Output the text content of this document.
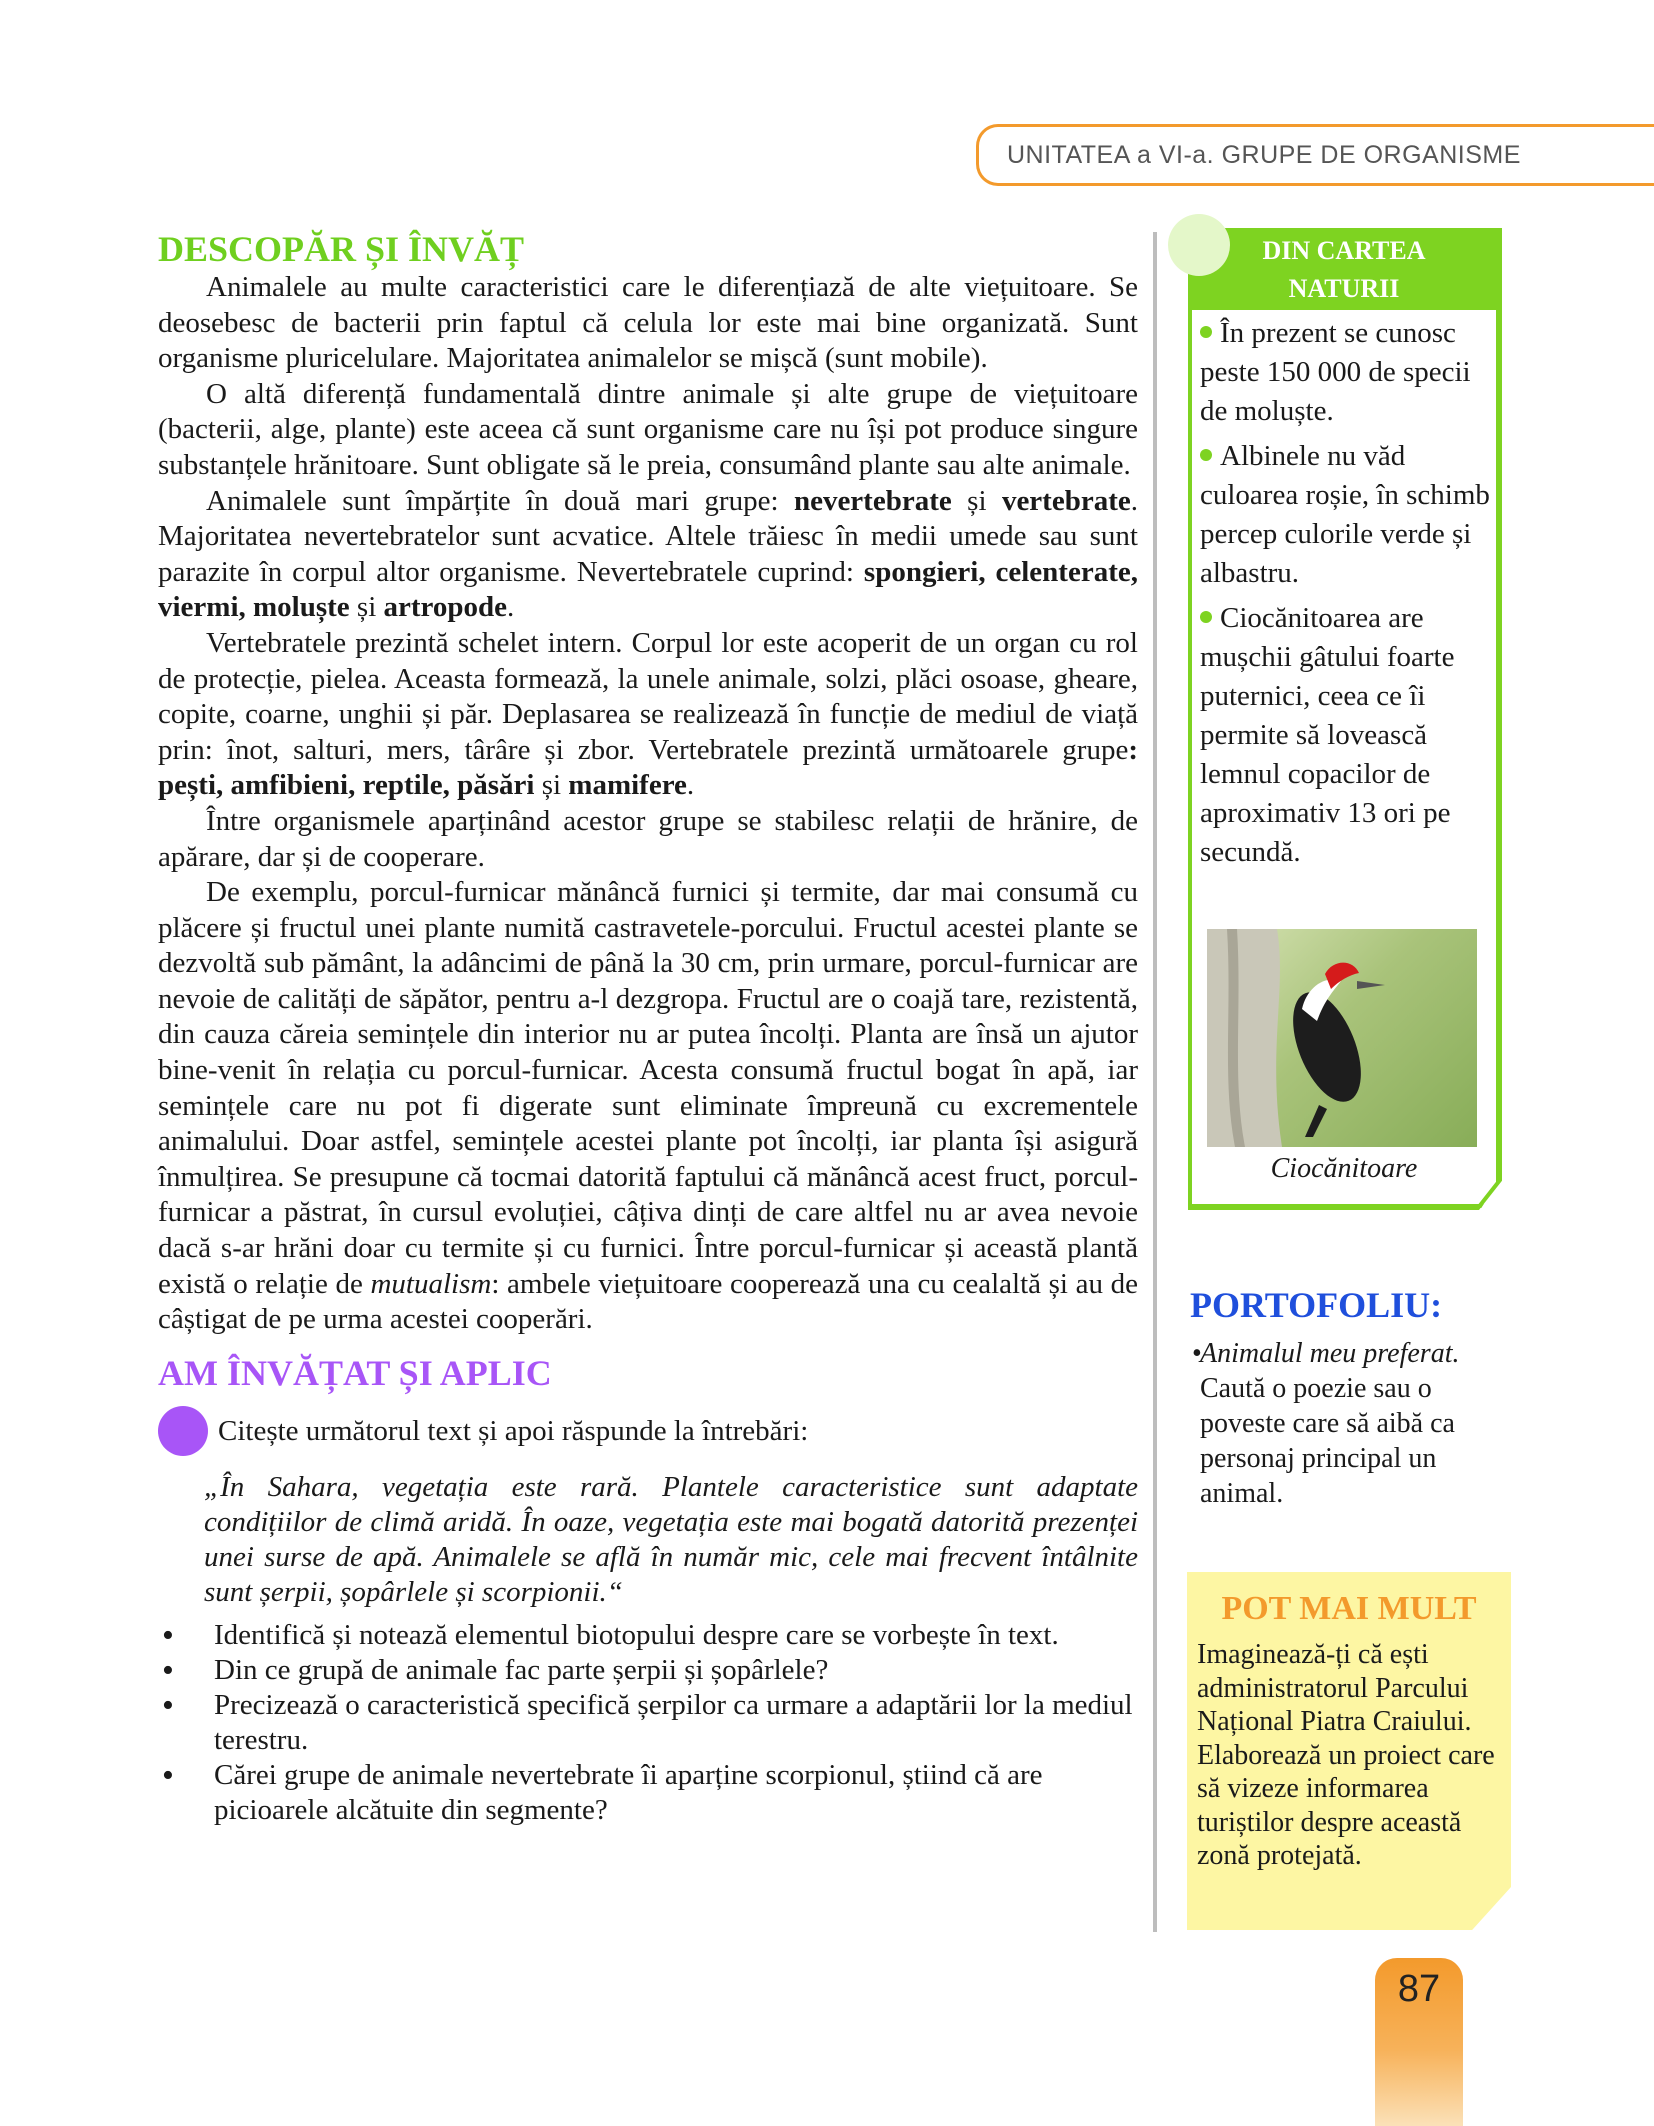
UNITATEA a VI-a. GRUPE DE ORGANISME
DESCOPĂR ȘI ÎNVĂȚ

Animalele au multe caracteristici care le diferențiază de alte viețuitoare. Se deosebesc de bacterii prin faptul că celula lor este mai bine organizată. Sunt organisme pluricelulare. Majoritatea animalelor se mișcă (sunt mobile).

O altă diferență fundamentală dintre animale și alte grupe de viețuitoare (bacterii, alge, plante) este aceea că sunt organisme care nu își pot produce singure substanțele hrănitoare. Sunt obligate să le preia, consumând plante sau alte animale.

Animalele sunt împărțite în două mari grupe: nevertebrate și vertebrate. Majoritatea nevertebratelor sunt acvatice. Altele trăiesc în medii umede sau sunt parazite în corpul altor organisme. Nevertebratele cuprind: spongieri, celenterate, viermi, moluște și artropode.

Vertebratele prezintă schelet intern. Corpul lor este acoperit de un organ cu rol de protecție, pielea. Aceasta formează, la unele animale, solzi, plăci osoase, gheare, copite, coarne, unghii și păr. Deplasarea se realizează în funcție de mediul de viață prin: înot, salturi, mers, târâre și zbor. Vertebratele prezintă următoarele grupe: pești, amfibieni, reptile, păsări și mamifere.

Între organismele aparținând acestor grupe se stabilesc relații de hrănire, de apărare, dar și de cooperare.

De exemplu, porcul-furnicar mănâncă furnici și termite, dar mai consumă cu plăcere și fructul unei plante numită castravetele-porcului. Fructul acestei plante se dezvoltă sub pământ, la adâncimi de până la 30 cm, prin urmare, porcul-furnicar are nevoie de calități de săpător, pentru a-l dezgropa. Fructul are o coajă tare, rezistentă, din cauza căreia semințele din interior nu ar putea încolți. Planta are însă un ajutor bine-venit în relația cu porcul-furnicar. Acesta consumă fructul bogat în apă, iar semințele care nu pot fi digerate sunt eliminate împreună cu excrementele animalului. Doar astfel, semințele acestei plante pot încolți, iar planta își asigură înmulțirea. Se presupune că tocmai datorită faptului că mănâncă acest fruct, porcul-furnicar a păstrat, în cursul evoluției, câțiva dinți de care altfel nu ar avea nevoie dacă s-ar hrăni doar cu termite și cu furnici. Între porcul-furnicar și această plantă există o relație de mutualism: ambele viețuitoare cooperează una cu cealaltă și au de câștigat de pe urma acestei cooperări.

AM ÎNVĂȚAT ȘI APLIC
Citește următorul text și apoi răspunde la întrebări:
„În Sahara, vegetația este rară. Plantele caracteristice sunt adaptate condițiilor de climă aridă. În oaze, vegetația este mai bogată datorită prezenței unei surse de apă. Animalele se află în număr mic, cele mai frecvent întâlnite sunt șerpii, șopârlele și scorpionii.“
• Identifică și notează elementul biotopului despre care se vorbește în text.
• Din ce grupă de animale fac parte șerpii și șopârlele?
• Precizează o caracteristică specifică șerpilor ca urmare a adaptării lor la mediul terestru.
• Cărei grupe de animale nevertebrate îi aparține scorpionul, știind că are picioarele alcătuite din segmente?
DIN CARTEA
NATURII
În prezent se cunosc peste 150 000 de specii de moluște.
Albinele nu văd culoarea roșie, în schimb percep culorile verde și albastru.
Ciocănitoarea are mușchii gâtului foarte puternici, ceea ce îi permite să lovească lemnul copacilor de aproximativ 13 ori pe secundă.
Ciocănitoare
PORTOFOLIU:
•
Animalul meu preferat. Caută o poezie sau o poveste care să aibă ca personaj principal un animal.
POT MAI MULT
Imaginează-ți că ești administratorul Parcului Național Piatra Craiului. Elaborează un proiect care să vizeze informarea turiștilor despre această zonă protejată.
87
